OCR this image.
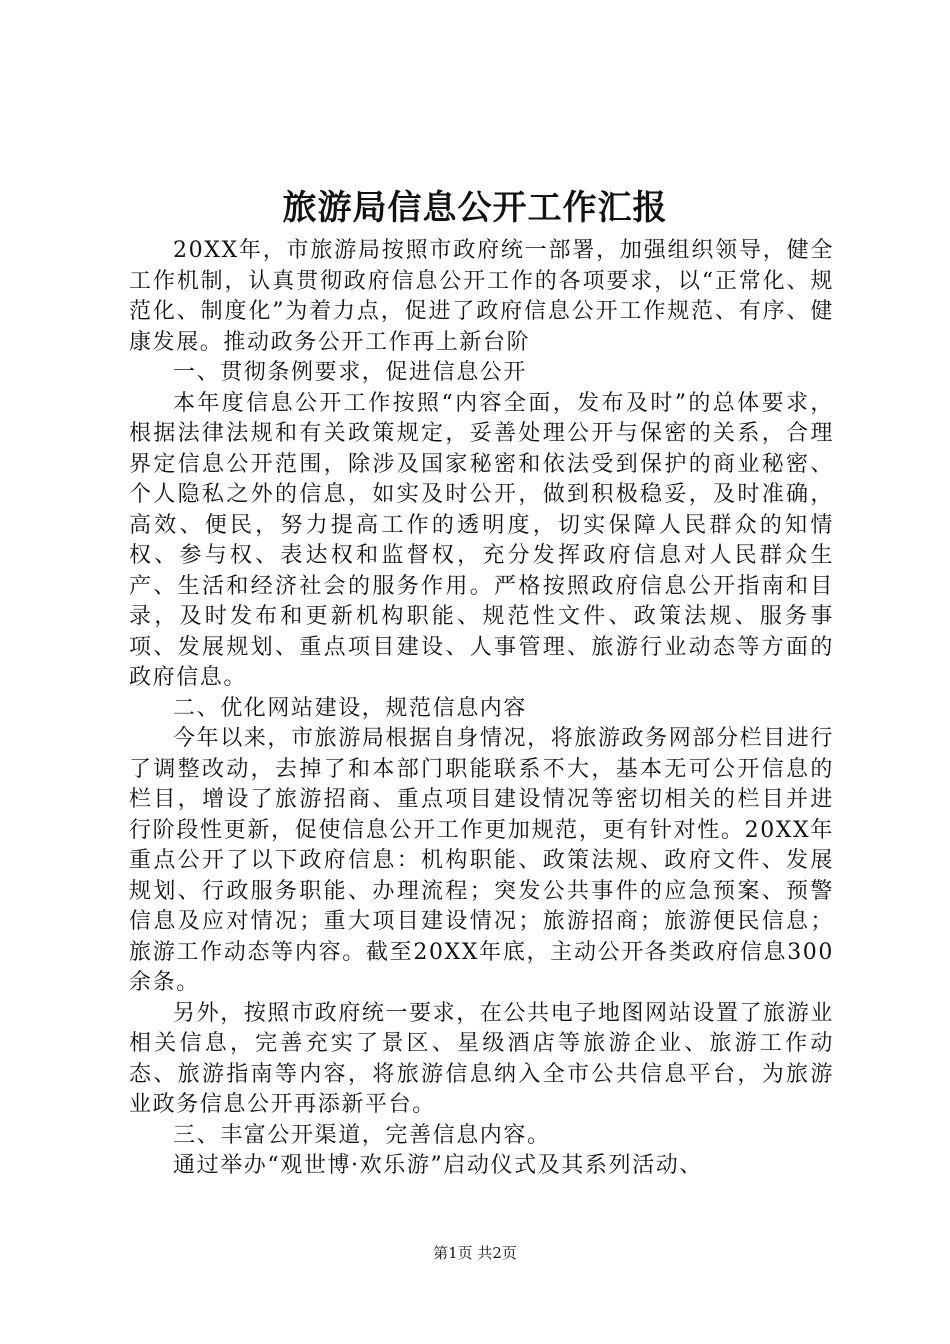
旅游局信息公开工作汇报

20XX年，市旅游局按照市政府统一部署，加强组织领导，健全工作机制，认真贯彻政府信息公开工作的各项要求，以“正常化、规范化、制度化”为着力点，促进了政府信息公开工作规范、有序、健康发展。推动政务公开工作再上新台阶

一、贯彻条例要求，促进信息公开

本年度信息公开工作按照“内容全面，发布及时”的总体要求，根据法律法规和有关政策规定，妥善处理公开与保密的关系，合理界定信息公开范围，除涉及国家秘密和依法受到保护的商业秘密、个人隐私之外的信息，如实及时公开，做到积极稳妥，及时准确，高效、便民，努力提高工作的透明度，切实保障人民群众的知情权、参与权、表达权和监督权，充分发挥政府信息对人民群众生产、生活和经济社会的服务作用。严格按照政府信息公开指南和目录，及时发布和更新机构职能、规范性文件、政策法规、服务事项、发展规划、重点项目建设、人事管理、旅游行业动态等方面的政府信息。

二、优化网站建设，规范信息内容

今年以来，市旅游局根据自身情况，将旅游政务网部分栏目进行了调整改动，去掉了和本部门职能联系不大，基本无可公开信息的栏目，增设了旅游招商、重点项目建设情况等密切相关的栏目并进行阶段性更新，促使信息公开工作更加规范，更有针对性。20XX年重点公开了以下政府信息：机构职能、政策法规、政府文件、发展规划、行政服务职能、办理流程；突发公共事件的应急预案、预警信息及应对情况；重大项目建设情况；旅游招商；旅游便民信息；旅游工作动态等内容。截至20XX年底，主动公开各类政府信息300余条。

另外，按照市政府统一要求，在公共电子地图网站设置了旅游业相关信息，完善充实了景区、星级酒店等旅游企业、旅游工作动态、旅游指南等内容，将旅游信息纳入全市公共信息平台，为旅游业政务信息公开再添新平台。

三、丰富公开渠道，完善信息内容。

通过举办“观世博·欢乐游”启动仪式及其系列活动、

第1页 共2页
